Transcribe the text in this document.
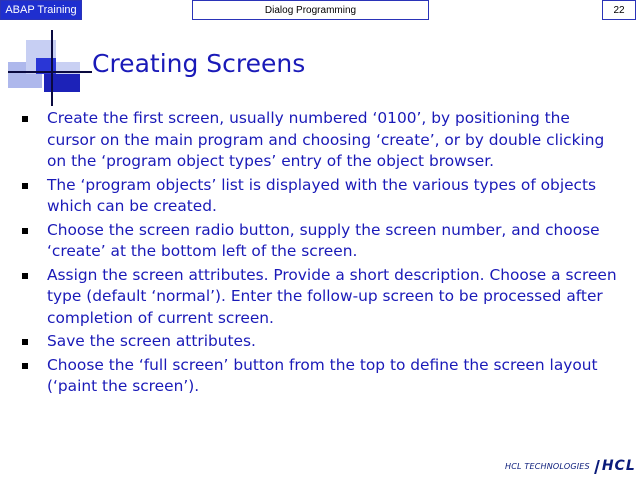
ABAP Training	Dialog Programming	22
Creating Screens
Create the first screen, usually numbered ‘0100’, by positioning the cursor on the main program and choosing ‘create’, or by double clicking on the ‘program object types’ entry of the object browser.
The ‘program objects’ list is displayed with the various types of objects which can be created.
Choose the screen radio button, supply the screen number, and choose ‘create’ at the bottom left of the screen.
Assign the screen attributes. Provide a short description. Choose a screen type (default ‘normal’). Enter the follow-up screen to be processed after completion of current screen.
Save the screen attributes.
Choose the ‘full screen’ button from the top to define the screen layout (‘paint the screen’).
HCL TECHNOLOGIES HCL
